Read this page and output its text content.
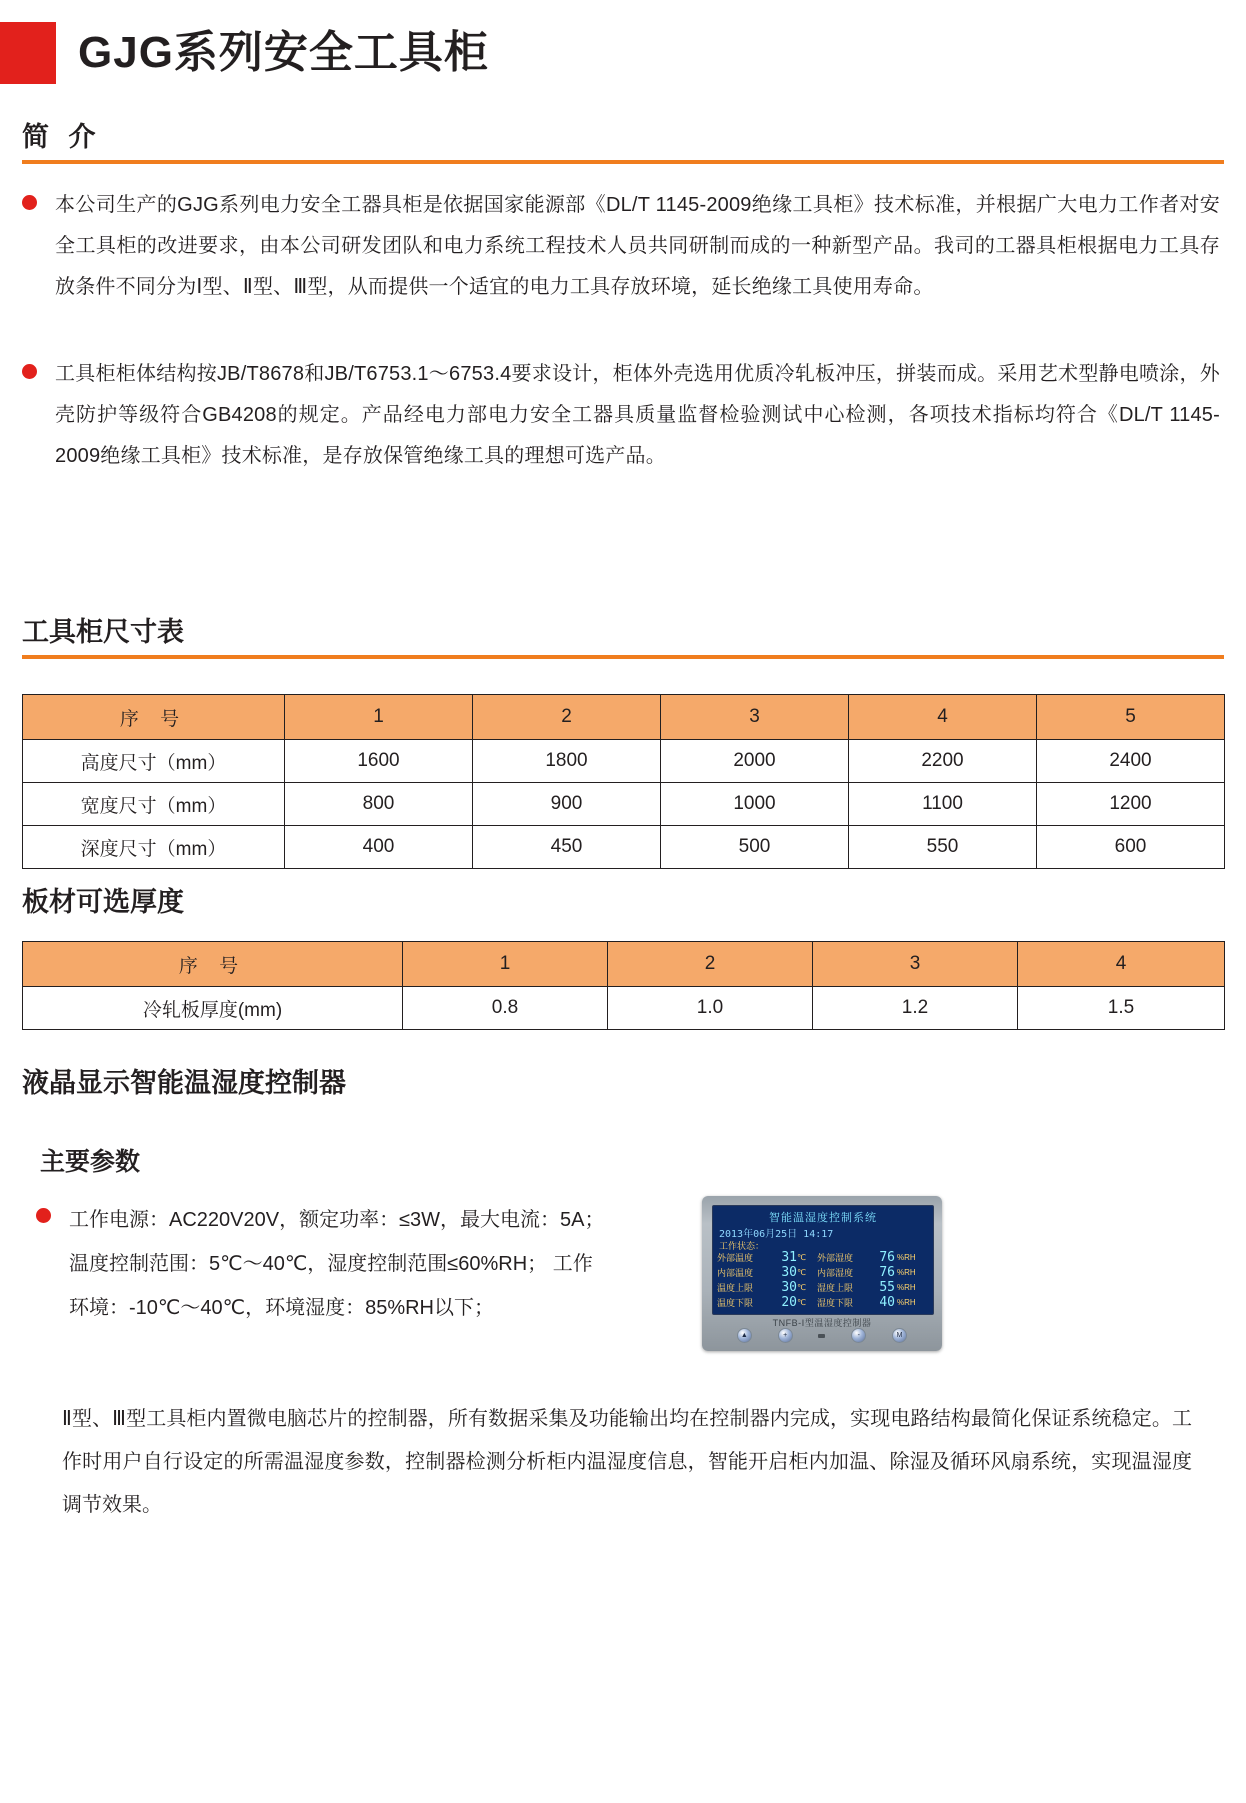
GJG系列安全工具柜
简 介
本公司生产的GJG系列电力安全工器具柜是依据国家能源部《DL/T 1145-2009绝缘工具柜》技术标准，并根据广大电力工作者对安全工具柜的改进要求，由本公司研发团队和电力系统工程技术人员共同研制而成的一种新型产品。我司的工器具柜根据电力工具存放条件不同分为Ⅰ型、Ⅱ型、Ⅲ型，从而提供一个适宜的电力工具存放环境，延长绝缘工具使用寿命。
工具柜柜体结构按JB/T8678和JB/T6753.1～6753.4要求设计，柜体外壳选用优质冷轧板冲压，拼装而成。采用艺术型静电喷涂，外壳防护等级符合GB4208的规定。产品经电力部电力安全工器具质量监督检验测试中心检测，各项技术指标均符合《DL/T 1145-2009绝缘工具柜》技术标准，是存放保管绝缘工具的理想可选产品。
工具柜尺寸表
序 号	1	2	3	4	5
高度尺寸（mm）	1600	1800	2000	2200	2400
宽度尺寸（mm）	800	900	1000	1100	1200
深度尺寸（mm）	400	450	500	550	600
板材可选厚度
序 号	1	2	3	4
冷轧板厚度(mm)	0.8	1.0	1.2	1.5
液晶显示智能温湿度控制器
主要参数
工作电源：AC220V20V，额定功率：≤3W，最大电流：5A；温度控制范围：5℃～40℃，湿度控制范围≤60%RH； 工作环境：-10℃～40℃，环境湿度：85%RH以下；
智能温湿度控制系统
2013年06月25日 14:17
工作状态：
外部温度	31 ℃	外部湿度	76 %RH
内部温度	30 ℃	内部湿度	76 %RH
温度上限	30 ℃	湿度上限	55 %RH
温度下限	20 ℃	湿度下限	40 %RH
TNFB-Ⅰ型温湿度控制器
▲	+	-	M
Ⅱ型、Ⅲ型工具柜内置微电脑芯片的控制器，所有数据采集及功能输出均在控制器内完成，实现电路结构最简化保证系统稳定。工作时用户自行设定的所需温湿度参数，控制器检测分析柜内温湿度信息，智能开启柜内加温、除湿及循环风扇系统，实现温湿度调节效果。
